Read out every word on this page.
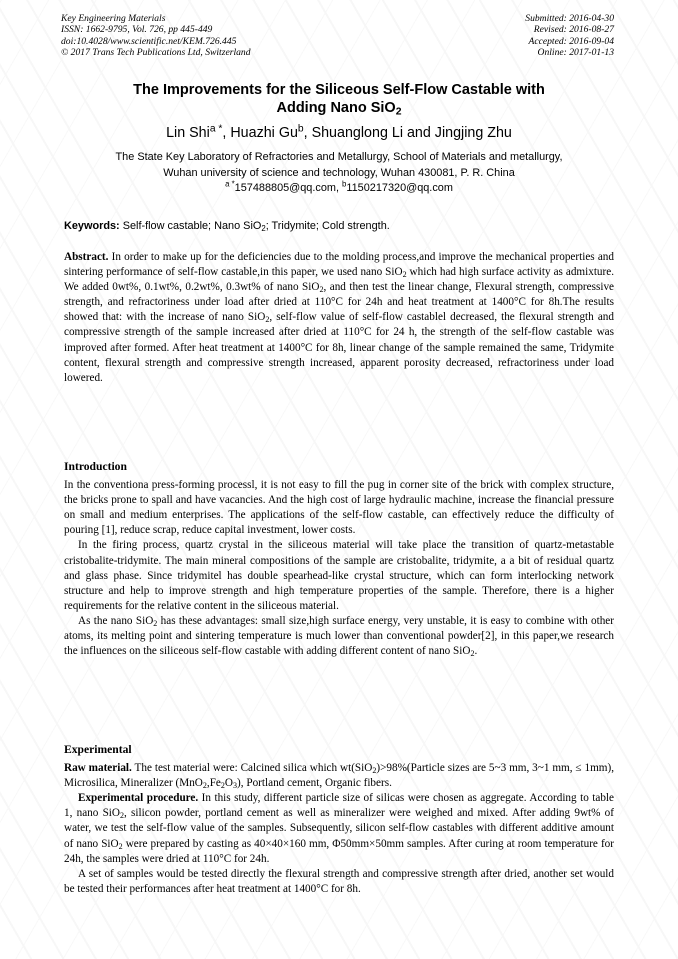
Key Engineering Materials
ISSN: 1662-9795, Vol. 726, pp 445-449
doi:10.4028/www.scientific.net/KEM.726.445
© 2017 Trans Tech Publications Ltd, Switzerland
Submitted: 2016-04-30
Revised: 2016-08-27
Accepted: 2016-09-04
Online: 2017-01-13
The Improvements for the Siliceous Self-Flow Castable with
Adding Nano SiO$_2$
Lin Shi$^{a *}$, Huazhi Gu$^b$, Shuanglong Li and Jingjing Zhu
The State Key Laboratory of Refractories and Metallurgy, School of Materials and metallurgy,
Wuhan university of science and technology, Wuhan 430081, P. R. China
$^{a *}$157488805@qq.com, $^b$1150217320@qq.com
Keywords: Self-flow castable; Nano SiO$_2$; Tridymite; Cold strength.

Abstract. In order to make up for the deficiencies due to the molding process,and improve the mechanical properties and sintering performance of self-flow castable,in this paper, we used nano SiO$_2$ which had high surface activity as admixture. We added 0wt%, 0.1wt%, 0.2wt%, 0.3wt% of nano SiO$_2$, and then test the linear change, Flexural strength, compressive strength, and refractoriness under load after dried at 110°C for 24h and heat treatment at 1400°C for 8h.The results showed that: with the increase of nano SiO$_2$, self-flow value of self-flow castablel decreased, the flexural strength and compressive strength of the sample increased after dried at 110°C for 24 h, the strength of the self-flow castable was improved after formed. After heat treatment at 1400°C for 8h, linear change of the sample remained the same, Tridymite content, flexural strength and compressive strength increased, apparent porosity decreased, refractoriness under load lowered.

Introduction

In the conventiona press-forming processl, it is not easy to fill the pug in corner site of the brick with complex structure, the bricks prone to spall and have vacancies. And the high cost of large hydraulic machine, increase the financial pressure on small and medium enterprises. The applications of the self-flow castable, can effectively reduce the difficulty of pouring [1], reduce scrap, reduce capital investment, lower costs.

In the firing process, quartz crystal in the siliceous material will take place the transition of quartz-metastable cristobalite-tridymite. The main mineral compositions of the sample are cristobalite, tridymite, a a bit of residual quartz and glass phase. Since tridymitel has double spearhead-like crystal structure, which can form interlocking network structure and help to improve strength and high temperature properties of the sample. Therefore, there is a higher requirements for the relative content in the siliceous material.

As the nano SiO$_2$ has these advantages: small size,high surface energy, very unstable, it is easy to combine with other atoms, its melting point and sintering temperature is much lower than conventional powder[2], in this paper,we research the influences on the siliceous self-flow castable with adding different content of nano SiO$_2$.

Experimental

Raw material. The test material were: Calcined silica which wt(SiO$_2$)>98%(Particle sizes are 5~3 mm, 3~1 mm, ≤ 1mm), Microsilica, Mineralizer $(MnO_2,Fe_2O_3)$, Portland cement, Organic fibers.

Experimental procedure. In this study, different particle size of silicas were chosen as aggregate. According to table 1, nano SiO$_2$, silicon powder, portland cement as well as mineralizer were weighed and mixed. After adding 9wt% of water, we test the self-flow value of the samples. Subsequently, silicon self-flow castables with different additive amount of nano SiO$_2$ were prepared by casting as 40×40×160 mm, Φ50mm×50mm samples. After curing at room temperature for 24h, the samples were dried at 110°C for 24h.

A set of samples would be tested directly the flexural strength and compressive strength after dried, another set would be tested their performances after heat treatment at 1400°C for 8h.
